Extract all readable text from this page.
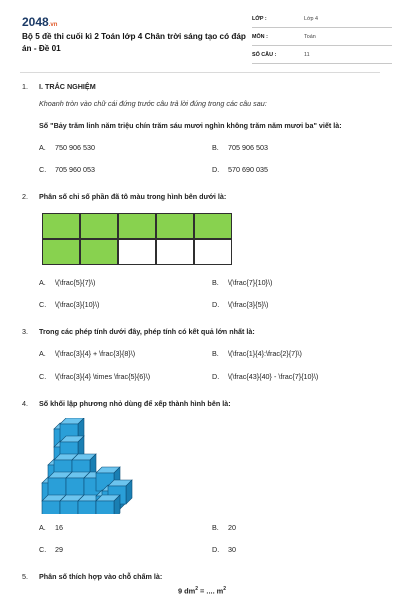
2048.vn
Bộ 5 đề thi cuối kì 2 Toán lớp 4 Chân trời sáng tạo có đáp án - Đề 01
LỚP :	Lớp 4
MÔN :	Toán
SỐ CÂU :	11
1. I. TRẮC NGHIỆM
Khoanh tròn vào chữ cái đứng trước câu trả lời đúng trong các câu sau:
Số "Bảy trăm linh năm triệu chín trăm sáu mươi nghìn không trăm năm mươi ba" viết là:
A. 750 906 530	B. 705 906 503
C. 705 960 053	D. 570 690 035
2. Phân số chỉ số phần đã tô màu trong hình bên dưới là:
A. \(\frac{5}{7}\)	B. \(\frac{7}{10}\)
C. \(\frac{3}{10}\)	D. \(\frac{3}{5}\)
3. Trong các phép tính dưới đây, phép tính có kết quả lớn nhất là:
A. \(\frac{3}{4} + \frac{3}{8}\)	B. \(\frac{1}{4}:\frac{2}{7}\)
C. \(\frac{3}{4} \times \frac{5}{6}\)	D. \(\frac{43}{40} - \frac{7}{10}\)
4. Số khối lập phương nhỏ dùng để xếp thành hình bên là:
A. 16	B. 20
C. 29	D. 30
5. Phân số thích hợp vào chỗ chấm là:
9 $dm^2$ = .... $m^2$
